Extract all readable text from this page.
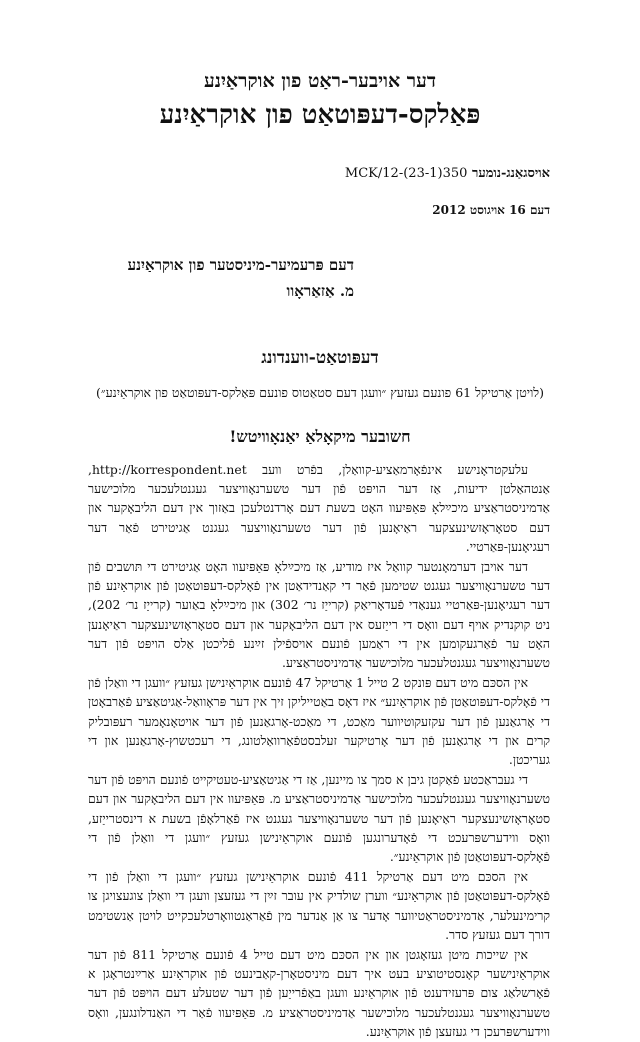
דער אויבער-ראַט פון אוקראַיִנע
פּאַלקס-דעפּוטאַט פון אוקראַיִנע
אויסגאַנג-נומער 350(23-1)-12/MCK
דעם 16 אויגוסט 2012
דעם פּרעמיער-מיניסטער פון אוקראַיִנע
מ. אַזאַראָוו
דעפּוטאַט-ווענדונג
(לויטן אַרטיקל 61 פונעם געזעץ ״וועגן דעם סטאַטוס פונעם פּאַלקס-דעפּוטאַט פון אוקראַיִנע״)
חשובער מיקאָלאַ יאַנאָוויטש!

עלעקטראָנישע אינפֿאָרמאַציע-קוואַלן, בפֿרט וועב http://korrespondent.net, אַנטהאַלטן ידיעות, אַז דער הויפּט פֿון דער טשערנאָוויצער געגנטלעכער מלוכישער אַדמיניסטראַציע מיכײַלאָ פּאַפּיִעוו האָט בשעת דעם אָרדנטלעכן באַזוך אין דעם הליבאָקער און דעם סטאָראָזשינעצקער ראַיאָנען פֿון דער טשערנאָוויצער געגנט אַגיטירט פֿאַר דער רעגיאָנען-פּאַרטיי.

דער אויבן דערמאָנטער קוואַל איז מודיע, אַז מיכײַלאָ פּאַפּיִעוו האָט אַגיטירט די תּושבים פֿון דער טשערנאָוויצער געגנט שטימען פֿאַר די קאַנדידאַטן אין פֿאָלקס-דעפּוטאַטן פֿון אוקראַיִנע פֿון דער רעגיאָנען-פּאַרטיי גענאַדי פֿעדאָריאַק (קרייַז נר׳ 302) און מיכײַלאָ באַוער (קרייַז נר׳ 202), ניט קוקנדיק אויף דעם וואָס די רייַזעס אין דעם הליבאָקער און דעם סטאָראָזשינעצקער ראַיאָנען האָט ער פֿאַרגעקומען אין די ראַמען פֿונעם אויספֿילן זײַנע פֿליכטן אַלס הויפּט פֿון דער טשערנאָוויצער געגנטלעכער מלוכישער אַדמיניסטראַציע.

אין הסכּם מיט דעם פּונקט 2 טייל 1 אַרטיקל 47 פֿונעם אוקראַיִנישן געזעץ ״וועגן די וואַלן פֿון די פֿאָלקס-דעפּוטאַטן פֿון אוקראַיִנע״ איז דאָס באַטייליקן זיך אין דער פּראָוואַל-אַגיטאַציע פֿאַרבאָטן די אָרגאַנען פֿון דער עקזעקוטיווער מאַכט, די מאַכט-אָרגאַנען פֿון דער אויטאָנאָמער רעפּובליק קרים און די אָרגאַנען פֿון דער אָרטיקער זעלבסטפֿאַרוואַלטונג, די רעכטשוץ-אָרגאַנען און די געריכטן.

די געבראַכטע פֿאַקטן גיבן א סמך צו מיינען, אַז די אַגיטאַציע-טעטיקייט פֿונעם הויפּט פֿון דער טשערנאָוויצער געגנטלעכער מלוכישער אַדמיניסטראַציע מ. פּאַפּיִעוו אין דעם הליבאָקער און דעם סטאָראָזשינעצקער ראַיאָנען פֿון דער טשערנאָוויצער געגנט איז פֿאַרלאָפֿן בשעת א דינסטרייַזע, וואָס ווידערשפּרעכט די פֿאָדערונגען פֿונעם אוקראַיִנישן געזעץ ״וועגן די וואַלן פֿון די פֿאָלקס-דעפּוטאַטן פֿון אוקראַיִנע״.

אין הסכּם מיט דעם אַרטיקל 411 פֿונעם אוקראַיִנישן געזעץ ״וועגן די וואַלן פֿון די פֿאָלקס-דעפּוטאַטן פֿון אוקראַיִנע״ ווערן שולדיק אין עובר זײַן די געזעצן וועגן די וואַלן צוגעצויגן צו קרימינעלער, אַדמיניסטראַטיווער אָדער צו אַן אַנדער מין פֿאַראַנטוואָרטלעכקייט לויטן אַנשטימט דורך דעם געזעץ סדר.

אין שייכות מיטן געזאָגטן און אין הסכּם מיט דעם טייל 4 פֿונעם אַרטיקל 811 פֿון דער אוקראַיִנישער קאָנסטיטוציע בעט איך דעם מיניסטאָרן-קאַבינעט פֿון אוקראַיִנע אַרײַנטראָגן א פֿאָרשלאַג צום פּרעזידענט פֿון אוקראַיִנע וועגן באַפֿרייַען פֿון דער שטעלע דעם הויפּט פֿון דער טשערנאָוויצער געגנטלעכער מלוכישער אַדמיניסטראַציע מ. פּאַפּיִעוו פֿאַר די האַנדלונגען, וואָס ווידערשפּרעכן די געזעצן פֿון אוקראַיִנע.
